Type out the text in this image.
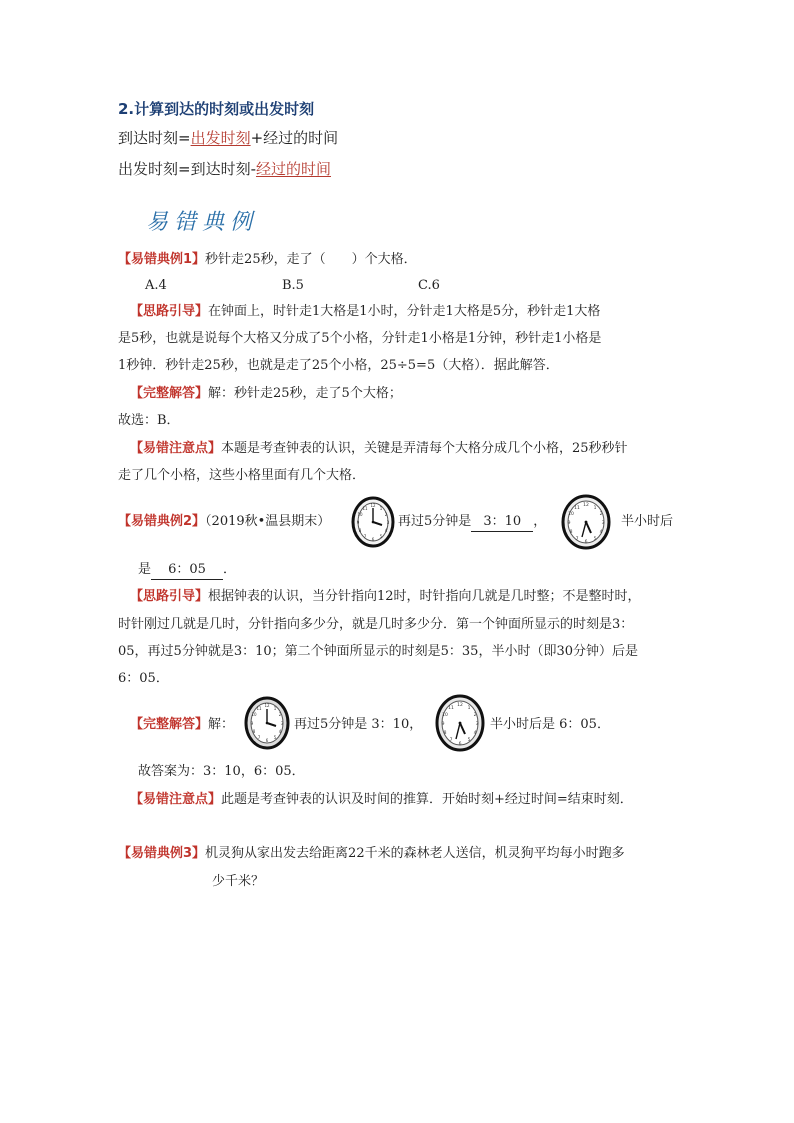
2.计算到达的时刻或出发时刻
到达时刻=出发时刻+经过的时间
出发时刻=到达时刻-经过的时间
易错典例
【易错典例1】秒针走25秒，走了（　　）个大格．
A.4	B.5	C.6
【思路引导】在钟面上，时针走1大格是1小时，分针走1大格是5分，秒针走1大格
是5秒，也就是说每个大格又分成了5个小格，分针走1小格是1分钟，秒针走1小格是
1秒钟．秒针走25秒，也就是走了25个小格，25÷5=5（大格）．据此解答．
【完整解答】解：秒针走25秒，走了5个大格；
故选：B．
【易错注意点】本题是考查钟表的认识，关键是弄清每个大格分成几个小格，25秒秒针
走了几个小格，这些小格里面有几个大格．
【易错典例2】（2019秋•温县期末）
12
1
2
3
4
5
6
7
8
9
10
11
再过5分钟是 3：10 ，
12
1
2
3
4
5
6
7
8
9
10
11
半小时后
是 6：05 ．
【思路引导】根据钟表的认识，当分针指向12时，时针指向几就是几时整；不是整时时，
时针刚过几就是几时，分针指向多少分，就是几时多少分．第一个钟面所显示的时刻是3：
05，再过5分钟就是3：10；第二个钟面所显示的时刻是5：35，半小时（即30分钟）后是
6：05．
【完整解答】解：
12
1
2
3
4
5
6
7
8
9
10
11
再过5分钟是 3：10，
12
1
2
3
4
5
6
7
8
9
10
11
半小时后是 6：05．
故答案为：3：10，6：05．
【易错注意点】此题是考查钟表的认识及时间的推算．开始时刻+经过时间=结束时刻．
【易错典例3】机灵狗从家出发去给距离22千米的森林老人送信，机灵狗平均每小时跑多
少千米？
